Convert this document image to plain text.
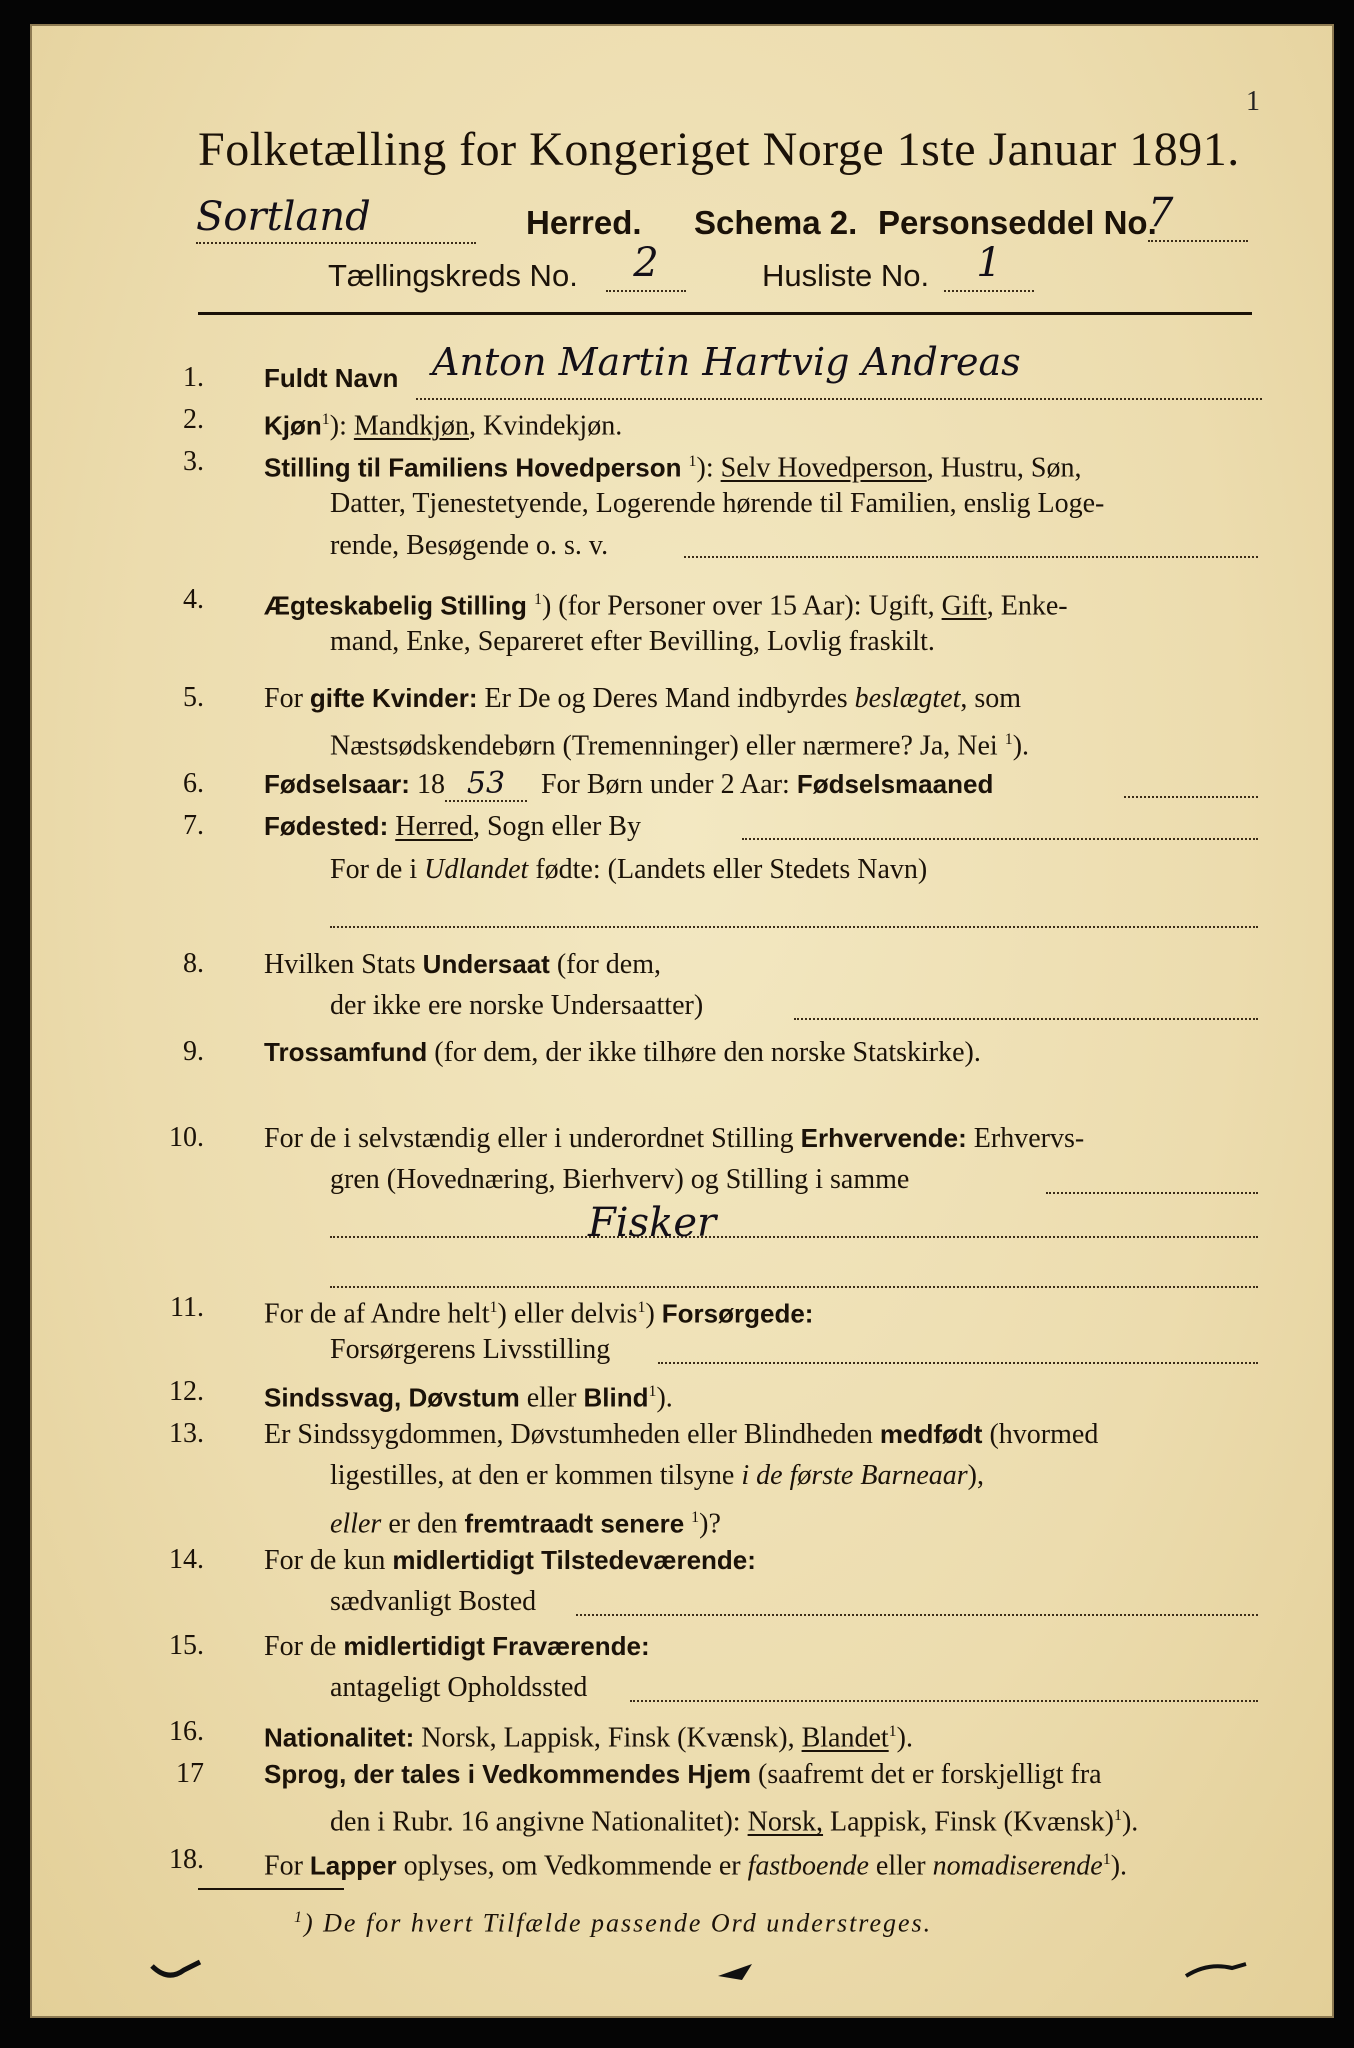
1
Folketælling for Kongeriget Norge 1ste Januar 1891.
Sortland	Herred. Schema 2. Personseddel No.
7
Tællingskreds No.	2	Husliste No.	1
1. Fuldt Navn Anton Martin Hartvig Andreas
2. Kjøn$^1$): Mandkjøn, Kvindekjøn.
3. Stilling til Familiens Hovedperson $^1$): Selv Hovedperson, Hustru, Søn,
Datter, Tjenestetyende, Logerende hørende til Familien, enslig Loge-
rende, Besøgende o. s. v.
4. Ægteskabelig Stilling $^1$) (for Personer over 15 Aar): Ugift, Gift, Enke-
mand, Enke, Separeret efter Bevilling, Lovlig fraskilt.
5. For gifte Kvinder: Er De og Deres Mand indbyrdes beslægtet, som
Næstsødskendebørn (Tremenninger) eller nærmere? Ja, Nei $^1$).
6. Fødselsaar: 18 53 For Børn under 2 Aar: Fødselsmaaned
7. Fødested: Herred, Sogn eller By
For de i Udlandet fødte: (Landets eller Stedets Navn)
8. Hvilken Stats Undersaat (for dem,
der ikke ere norske Undersaatter)
9. Trossamfund (for dem, der ikke tilhøre den norske Statskirke).
10. For de i selvstændig eller i underordnet Stilling Erhvervende: Erhvervs-
gren (Hovednæring, Bierhverv) og Stilling i samme
Fisker
11. For de af Andre helt$^1$) eller delvis$^1$) Forsørgede:
Forsørgerens Livsstilling
12. Sindssvag, Døvstum eller Blind$^1$).
13. Er Sindssygdommen, Døvstumheden eller Blindheden medfødt (hvormed
ligestilles, at den er kommen tilsyne i de første Barneaar),
eller er den fremtraadt senere $^1$)?
14. For de kun midlertidigt Tilstedeværende:
sædvanligt Bosted
15. For de midlertidigt Fraværende:
antageligt Opholdssted
16. Nationalitet: Norsk, Lappisk, Finsk (Kvænsk), Blandet$^1$).
17 Sprog, der tales i Vedkommendes Hjem (saafremt det er forskjelligt fra
den i Rubr. 16 angivne Nationalitet): Norsk, Lappisk, Finsk (Kvænsk)$^1$).
18. For Lapper oplyses, om Vedkommende er fastboende eller nomadiserende$^1$).
$^1$) De for hvert Tilfælde passende Ord understreges.
